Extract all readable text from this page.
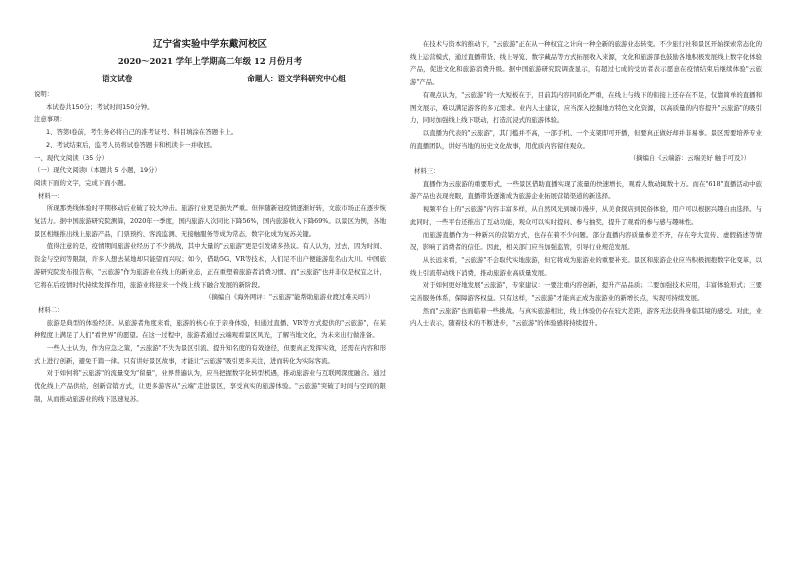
辽宁省实验中学东戴河校区
2020～2021 学年上学期高二年级 12 月份月考
语文试卷	命题人：语文学科研究中心组
说明：
本试卷共150分；考试时间150分钟。
注意事项：
1、答第Ⅰ卷前，考生务必将自己的准考证号、科目填涂在答题卡上。
2、考试结束后，监考人员将试卷答题卡和机读卡一并收回。
一、现代文阅读（35 分）
（一）现代文阅读Ⅰ（本题共 5 小题，19分）
阅读下面的文字，完成下面小题。
材料一：
所现那类线体验时平期移动后业破了较大冲击。旅游行业更是损失严重。但伴随新冠疫情逐渐好转，文旅市场正在逐步恢复活力。据中国旅游研究院测算，2020年一季度，国内旅游人次同比下降56%，国内旅游收入下降69%。以景区为例，各地景区相继推出线上旅游产品，门票预约、客流监测、无接触服务等成为常态，数字化成为复苏关键。
值得注意的是，疫情期间旅游业经历了不少挑战，其中大量的"云旅游"更是引发诸多热议。有人认为，过去，因为时间、资金与空间等限制，许多人想去某地却只能望而兴叹；如今，借助5G、VR等技术，人们足不出户便能游览名山大川。中国旅游研究院发布报告称，"云旅游"作为旅游业在线上的新业态，正在重塑着旅游者消费习惯。而"云旅游"也并非仅是权宜之计，它将在后疫情时代持续发挥作用，旅游业将迎来一个线上线下融合发展的新阶段。
（摘编自《海外网评："云旅游"能帮助旅游业渡过难关吗》）
材料二：
旅游是典型的体验经济。从旅游者角度来看，旅游的核心在于亲身体验，但通过直播、VR等方式提供的"云旅游"，在某种程度上满足了人们"看世界"的愿望。在这一过程中，旅游者通过云端观看景区风光，了解当地文化，为未来出行做准备。
一些人士认为，作为应急之策，"云旅游"不失为景区引流、提升知名度的有效途径，但要真正发挥实效，还需在内容和形式上进行创新，避免千篇一律。只有讲好景区故事，才能让"云旅游"吸引更多关注，进而转化为实际客流。
对于如何将"云旅游"的流量变为"留量"，业界普遍认为，应当把握数字化转型机遇，推动旅游业与互联网深度融合。通过优化线上产品供给，创新营销方式，让更多游客从"云端"走进景区，享受真实的旅游体验。"云旅游"突破了时间与空间的限制，从而推动旅游业的线下迅速复苏。
在技术与资本的推动下，"云旅游"正在从一种权宜之计向一种全新的旅游业态转变。不少旅行社和景区开始探索常态化的线上运营模式，通过直播带货、线上导览、数字藏品等方式拓展收入来源，文化和旅游部也鼓励各地积极发展线上数字化体验产品，促进文化和旅游消费升级。据中国旅游研究院调查显示，有超过七成的受访者表示愿意在疫情结束后继续体验"云旅游"产品。
有观点认为，"云旅游"的一大短板在于，目前其内容同质化严重，在线上与线下的衔接上还存在不足，仅靠简单的直播和图文展示，难以满足游客的多元需求。业内人士建议，应当深入挖掘地方特色文化资源，以高质量的内容提升"云旅游"的吸引力，同时加强线上线下联动，打造沉浸式的旅游体验。
以直播为代表的"云旅游"，其门槛并不高，一部手机、一个支架即可开播，但要真正做好却并非易事。景区需要培养专业的直播团队，讲好当地的历史文化故事，用优质内容留住观众。
（摘编自《云端游：云端美好 触手可及》）
材料三：
直播作为云旅游的重要形式，一些景区借助直播实现了流量的快速增长，观看人数动辄数十万。而在"618"直播活动中旅游产品也表现亮眼，直播带货逐渐成为旅游企业拓展营销渠道的新选择。
视频平台上的"云旅游"内容丰富多样，从自然风光到城市漫步，从美食探店到民俗体验，用户可以根据兴趣自由选择。与此同时，一些平台还推出了互动功能，观众可以实时提问、参与抽奖，提升了观看的参与感与趣味性。
而旅游直播作为一种新兴的营销方式，也存在着不少问题。部分直播内容质量参差不齐，存在夸大宣传、虚假描述等情况，影响了消费者的信任。因此，相关部门应当加强监管，引导行业规范发展。
从长远来看，"云旅游"不会取代实地旅游，但它将成为旅游业的重要补充。景区和旅游企业应当积极拥抱数字化变革，以线上引流带动线下消费，推动旅游业高质量发展。
对于如何更好地发展"云旅游"，专家建议：一要注重内容创新，提升产品品质；二要加强技术应用，丰富体验形式；三要完善服务体系，保障游客权益。只有这样，"云旅游"才能真正成为旅游业的新增长点，实现可持续发展。
然而"云旅游"也面临着一些挑战。与真实旅游相比，线上体验仍存在较大差距，游客无法获得身临其境的感受。对此，业内人士表示，随着技术的不断进步，"云旅游"的体验感将持续提升。
